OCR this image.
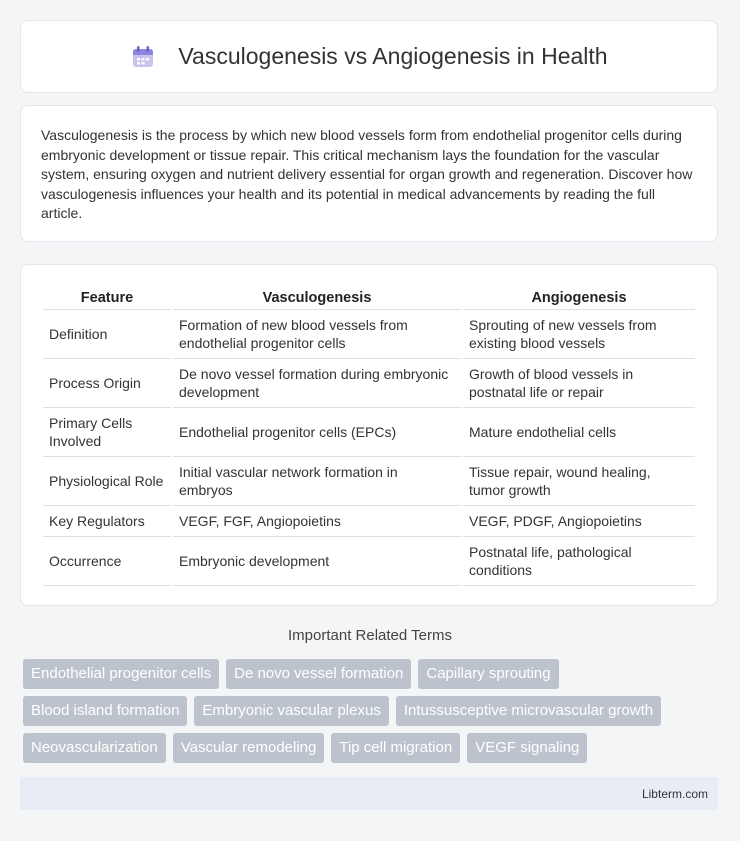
Vasculogenesis vs Angiogenesis in Health

Vasculogenesis is the process by which new blood vessels form from endothelial progenitor cells during embryonic development or tissue repair. This critical mechanism lays the foundation for the vascular system, ensuring oxygen and nutrient delivery essential for organ growth and regeneration. Discover how vasculogenesis influences your health and its potential in medical advancements by reading the full article.

Feature	Vasculogenesis	Angiogenesis
Definition	Formation of new blood vessels from endothelial progenitor cells	Sprouting of new vessels from existing blood vessels
Process Origin	De novo vessel formation during embryonic development	Growth of blood vessels in postnatal life or repair
Primary Cells Involved	Endothelial progenitor cells (EPCs)	Mature endothelial cells
Physiological Role	Initial vascular network formation in embryos	Tissue repair, wound healing, tumor growth
Key Regulators	VEGF, FGF, Angiopoietins	VEGF, PDGF, Angiopoietins
Occurrence	Embryonic development	Postnatal life, pathological conditions
Important Related Terms
Endothelial progenitor cells	De novo vessel formation	Capillary sprouting
Blood island formation	Embryonic vascular plexus	Intussusceptive microvascular growth
Neovascularization	Vascular remodeling	Tip cell migration	VEGF signaling
Libterm.com
